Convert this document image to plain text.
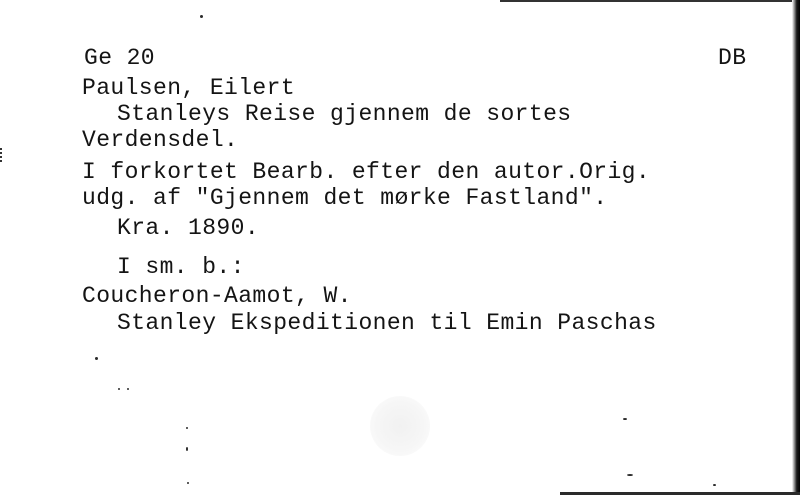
Ge 20	DB
Paulsen, Eilert
Stanleys Reise gjennem de sortes
Verdensdel.
I forkortet Bearb. efter den autor.Orig.
udg. af "Gjennem det mørke Fastland".
Kra. 1890.
I sm. b.:
Coucheron-Aamot, W.
Stanley Ekspeditionen til Emin Paschas
